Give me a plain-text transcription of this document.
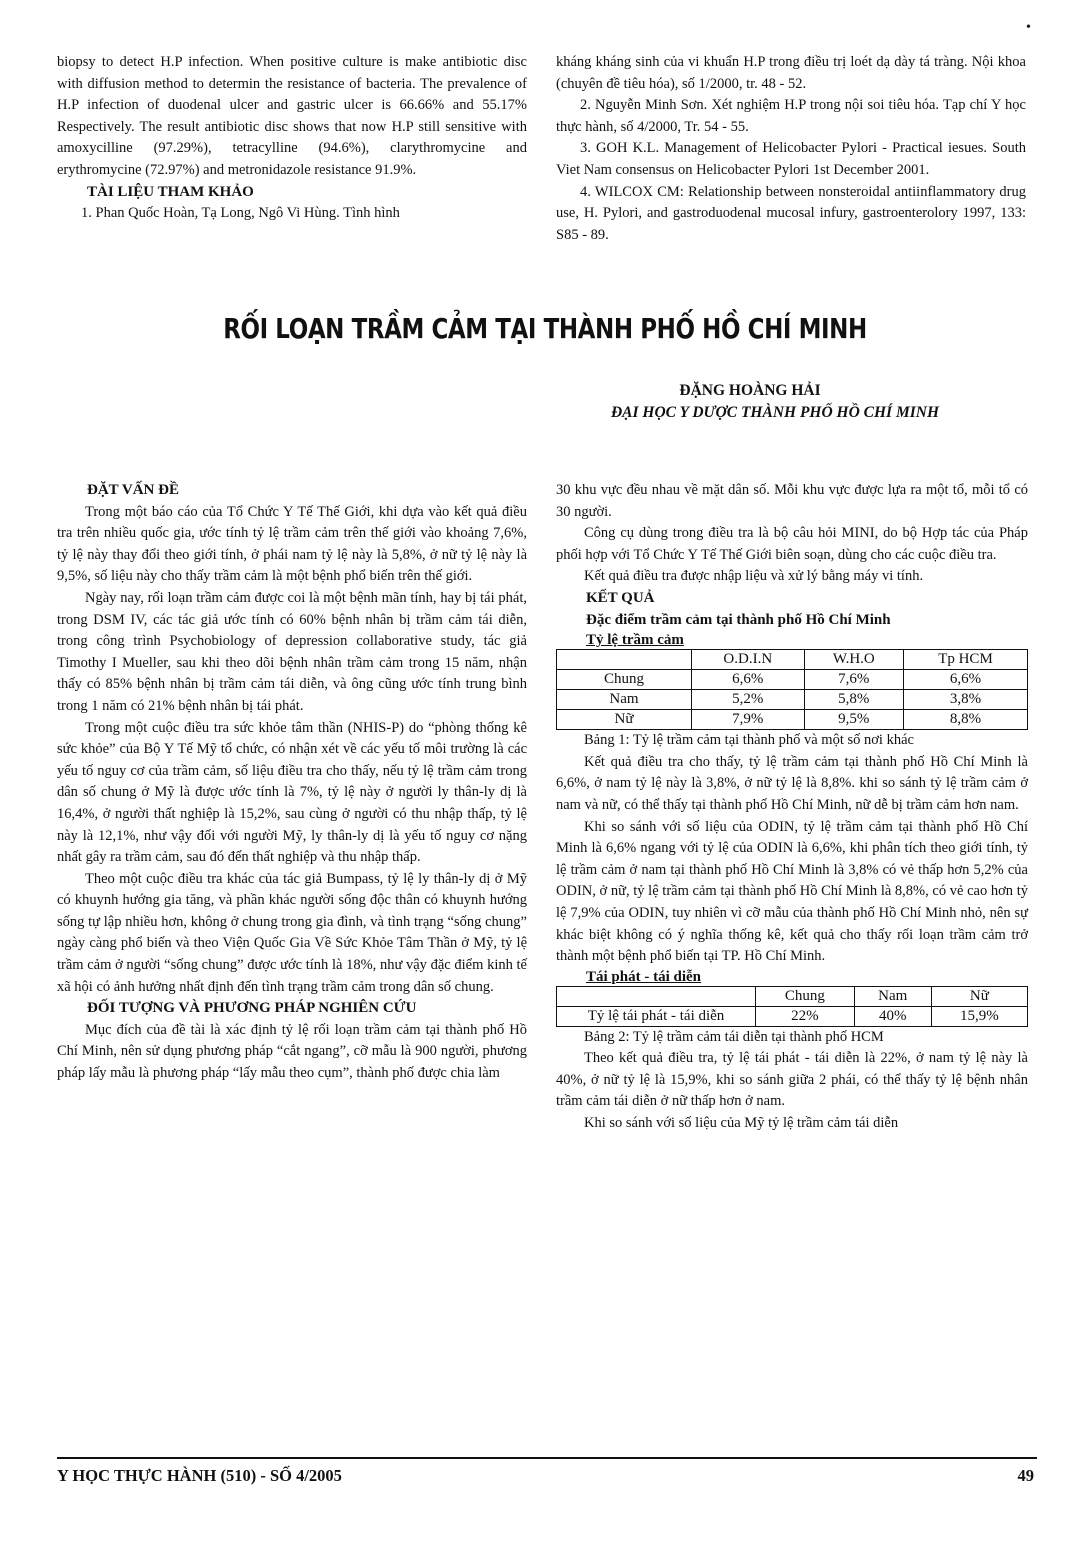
•

biopsy to detect H.P infection. When positive culture is make antibiotic disc with diffusion method to determin the resistance of bacteria. The prevalence of H.P infection of duodenal ulcer and gastric ulcer is 66.66% and 55.17% Respectively. The result antibiotic disc shows that now H.P still sensitive with amoxycilline (97.29%), tetracylline (94.6%), clarythromycine and erythromycine (72.97%) and metronidazole resistance 91.9%.

TÀI LIỆU THAM KHẢO

1. Phan Quốc Hoàn, Tạ Long, Ngô Vi Hùng. Tình hình

kháng kháng sinh của vi khuẩn H.P trong điều trị loét dạ dày tá tràng. Nội khoa (chuyên đề tiêu hóa), số 1/2000, tr. 48 - 52.

2. Nguyễn Minh Sơn. Xét nghiệm H.P trong nội soi tiêu hóa. Tạp chí Y học thực hành, số 4/2000, Tr. 54 - 55.

3. GOH K.L. Management of Helicobacter Pylori - Practical iesues. South Viet Nam consensus on Helicobacter Pylori 1st December 2001.

4. WILCOX CM: Relationship between nonsteroidal antiinflammatory drug use, H. Pylori, and gastroduodenal mucosal infury, gastroenterolory 1997, 133: S85 - 89.

RỐI LOẠN TRẦM CẢM TẠI THÀNH PHỐ HỒ CHÍ MINH
ĐẶNG HOÀNG HẢI
ĐẠI HỌC Y DƯỢC THÀNH PHỐ HỒ CHÍ MINH

ĐẶT VẤN ĐỀ

Trong một báo cáo của Tổ Chức Y Tế Thế Giới, khi dựa vào kết quả điều tra trên nhiều quốc gia, ước tính tỷ lệ trầm cảm trên thế giới vào khoảng 7,6%, tỷ lệ này thay đổi theo giới tính, ở phái nam tỷ lệ này là 5,8%, ở nữ tỷ lệ này là 9,5%, số liệu này cho thấy trầm cảm là một bệnh phổ biến trên thế giới.

Ngày nay, rối loạn trầm cảm được coi là một bệnh mãn tính, hay bị tái phát, trong DSM IV, các tác giả ước tính có 60% bệnh nhân bị trầm cảm tái diễn, trong công trình Psychobiology of depression collaborative study, tác giả Timothy I Mueller, sau khi theo dõi bệnh nhân trầm cảm trong 15 năm, nhận thấy có 85% bệnh nhân bị trầm cảm tái diễn, và ông cũng ước tính trung bình trong 1 năm có 21% bệnh nhân bị tái phát.

Trong một cuộc điều tra sức khỏe tâm thần (NHIS-P) do “phòng thống kê sức khỏe” của Bộ Y Tế Mỹ tổ chức, có nhận xét về các yếu tố môi trường là các yếu tố nguy cơ của trầm cảm, số liệu điều tra cho thấy, nếu tỷ lệ trầm cảm trong dân số chung ở Mỹ là được ước tính là 7%, tỷ lệ này ở người ly thân-ly dị là 16,4%, ở người thất nghiệp là 15,2%, sau cùng ở người có thu nhập thấp, tỷ lệ này là 12,1%, như vậy đối với người Mỹ, ly thân-ly dị là yếu tố nguy cơ nặng nhất gây ra trầm cảm, sau đó đến thất nghiệp và thu nhập thấp.

Theo một cuộc điều tra khác của tác giả Bumpass, tỷ lệ ly thân-ly dị ở Mỹ có khuynh hướng gia tăng, và phần khác người sống độc thân có khuynh hướng sống tự lập nhiều hơn, không ở chung trong gia đình, và tình trạng “sống chung” ngày càng phổ biến và theo Viện Quốc Gia Về Sức Khỏe Tâm Thần ở Mỹ, tỷ lệ trầm cảm ở người “sống chung” được ước tính là 18%, như vậy đặc điểm kinh tế xã hội có ảnh hưởng nhất định đến tình trạng trầm cảm trong dân số chung.

ĐỐI TƯỢNG VÀ PHƯƠNG PHÁP NGHIÊN CỨU

Mục đích của đề tài là xác định tỷ lệ rối loạn trầm cảm tại thành phố Hồ Chí Minh, nên sử dụng phương pháp “cắt ngang”, cỡ mẫu là 900 người, phương pháp lấy mẫu là phương pháp “lấy mẫu theo cụm”, thành phố được chia làm

30 khu vực đều nhau về mặt dân số. Mỗi khu vực được lựa ra một tổ, mỗi tổ có 30 người.

Công cụ dùng trong điều tra là bộ câu hỏi MINI, do bộ Hợp tác của Pháp phối hợp với Tổ Chức Y Tế Thế Giới biên soạn, dùng cho các cuộc điều tra.

Kết quả điều tra được nhập liệu và xử lý bằng máy vi tính.

KẾT QUẢ

Đặc điểm trầm cảm tại thành phố Hồ Chí Minh

Tỷ lệ trầm cảm

	O.D.I.N	W.H.O	Tp HCM
Chung	6,6%	7,6%	6,6%
Nam	5,2%	5,8%	3,8%
Nữ	7,9%	9,5%	8,8%

Bảng 1: Tỷ lệ trầm cảm tại thành phố và một số nơi khác

Kết quả điều tra cho thấy, tỷ lệ trầm cảm tại thành phố Hồ Chí Minh là 6,6%, ở nam tỷ lệ này là 3,8%, ở nữ tỷ lệ là 8,8%. khi so sánh tỷ lệ trầm cảm ở nam và nữ, có thể thấy tại thành phố Hồ Chí Minh, nữ dễ bị trầm cảm hơn nam.

Khi so sánh với số liệu của ODIN, tỷ lệ trầm cảm tại thành phố Hồ Chí Minh là 6,6% ngang với tỷ lệ của ODIN là 6,6%, khi phân tích theo giới tính, tỷ lệ trầm cảm ở nam tại thành phố Hồ Chí Minh là 3,8% có vẻ thấp hơn 5,2% của ODIN, ở nữ, tỷ lệ trầm cảm tại thành phố Hồ Chí Minh là 8,8%, có vẻ cao hơn tỷ lệ 7,9% của ODIN, tuy nhiên vì cỡ mẫu của thành phố Hồ Chí Minh nhỏ, nên sự khác biệt không có ý nghĩa thống kê, kết quả cho thấy rối loạn trầm cảm trở thành một bệnh phổ biến tại TP. Hồ Chí Minh.

Tái phát - tái diễn

	Chung	Nam	Nữ
Tỷ lệ tái phát - tái diễn	22%	40%	15,9%

Bảng 2: Tỷ lệ trầm cảm tái diễn tại thành phố HCM

Theo kết quả điều tra, tỷ lệ tái phát - tái diễn là 22%, ở nam tỷ lệ này là 40%, ở nữ tỷ lệ là 15,9%, khi so sánh giữa 2 phái, có thể thấy tỷ lệ bệnh nhân trầm cảm tái diễn ở nữ thấp hơn ở nam.

Khi so sánh với số liệu của Mỹ tỷ lệ trầm cảm tái diễn

Y HỌC THỰC HÀNH (510) - SỐ 4/2005	49
